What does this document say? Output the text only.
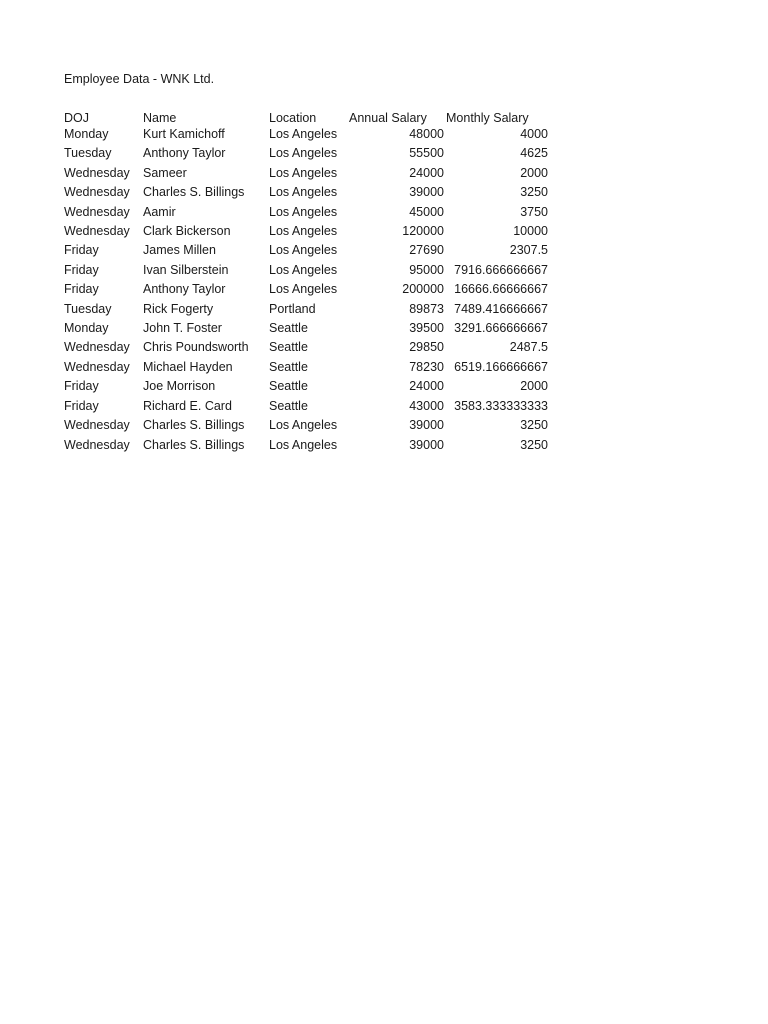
Employee Data - WNK Ltd.
DOJ	Name	Location	Annual Salary	Monthly Salary
Monday	Kurt Kamichoff	Los Angeles	48000	4000
Tuesday	Anthony Taylor	Los Angeles	55500	4625
Wednesday	Sameer	Los Angeles	24000	2000
Wednesday	Charles S. Billings	Los Angeles	39000	3250
Wednesday	Aamir	Los Angeles	45000	3750
Wednesday	Clark Bickerson	Los Angeles	120000	10000
Friday	James Millen	Los Angeles	27690	2307.5
Friday	Ivan Silberstein	Los Angeles	95000	7916.666666667
Friday	Anthony Taylor	Los Angeles	200000	16666.66666667
Tuesday	Rick Fogerty	Portland	89873	7489.416666667
Monday	John T. Foster	Seattle	39500	3291.666666667
Wednesday	Chris Poundsworth	Seattle	29850	2487.5
Wednesday	Michael Hayden	Seattle	78230	6519.166666667
Friday	Joe Morrison	Seattle	24000	2000
Friday	Richard E. Card	Seattle	43000	3583.333333333
Wednesday	Charles S. Billings	Los Angeles	39000	3250
Wednesday	Charles S. Billings	Los Angeles	39000	3250
